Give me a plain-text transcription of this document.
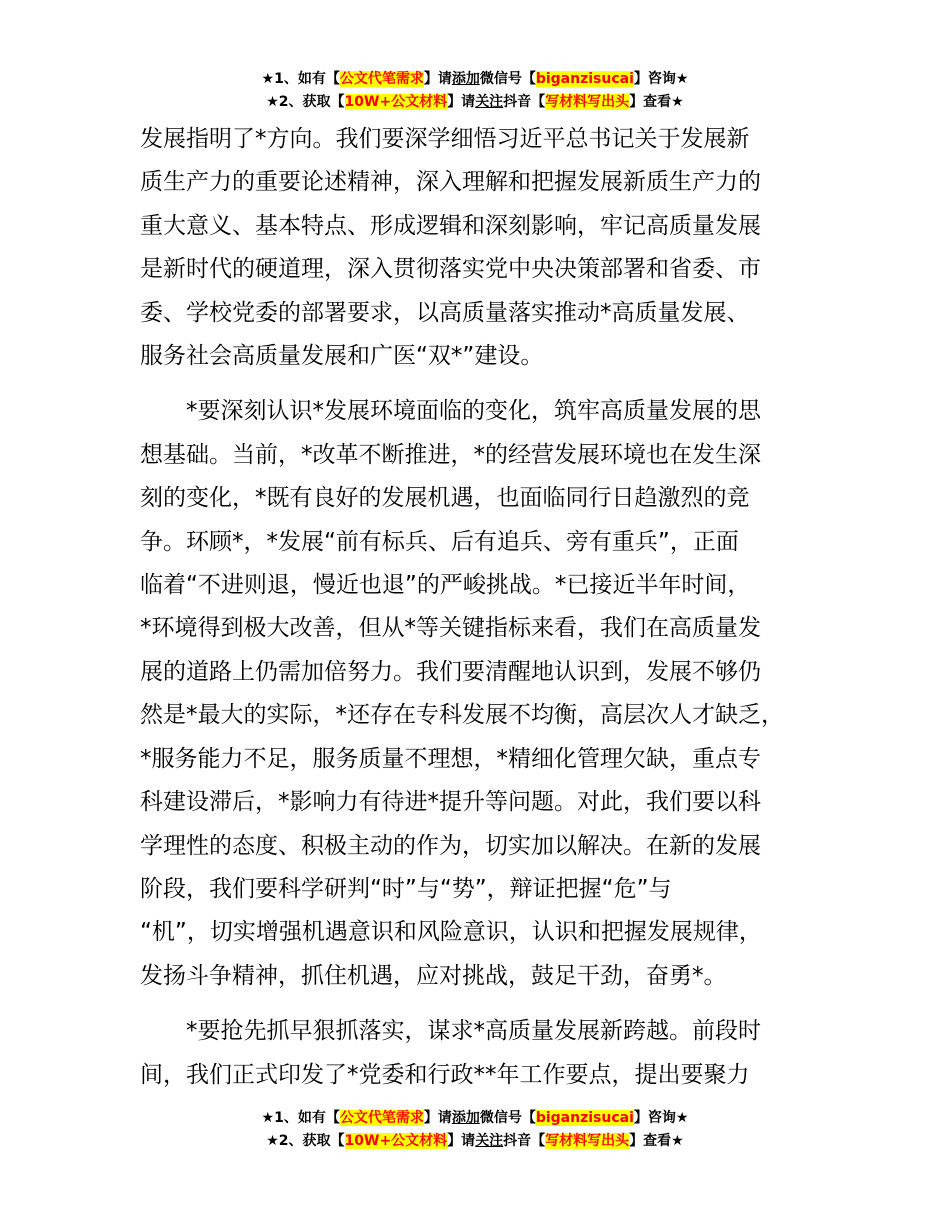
★1、如有【公文代笔需求】请添加微信号【biganzisucai】咨询★
★2、获取【10W+公文材料】请关注抖音【写材料写出头】查看★

发展指明了*方向。我们要深学细悟习近平总书记关于发展新
质生产力的重要论述精神，深入理解和把握发展新质生产力的
重大意义、基本特点、形成逻辑和深刻影响，牢记高质量发展
是新时代的硬道理，深入贯彻落实党中央决策部署和省委、市
委、学校党委的部署要求，以高质量落实推动*高质量发展、
服务社会高质量发展和广医“双*”建设。

*要深刻认识*发展环境面临的变化，筑牢高质量发展的思
想基础。当前，*改革不断推进，*的经营发展环境也在发生深
刻的变化，*既有良好的发展机遇，也面临同行日趋激烈的竞
争。环顾*，*发展“前有标兵、后有追兵、旁有重兵”，正面
临着“不进则退，慢近也退”的严峻挑战。*已接近半年时间，
*环境得到极大改善，但从*等关键指标来看，我们在高质量发
展的道路上仍需加倍努力。我们要清醒地认识到，发展不够仍
然是*最大的实际，*还存在专科发展不均衡，高层次人才缺乏，
*服务能力不足，服务质量不理想，*精细化管理欠缺，重点专
科建设滞后，*影响力有待进*提升等问题。对此，我们要以科
学理性的态度、积极主动的作为，切实加以解决。在新的发展
阶段，我们要科学研判“时”与“势”，辩证把握“危”与
“机”，切实增强机遇意识和风险意识，认识和把握发展规律，
发扬斗争精神，抓住机遇，应对挑战，鼓足干劲，奋勇*。

*要抢先抓早狠抓落实，谋求*高质量发展新跨越。前段时
间，我们正式印发了*党委和行政**年工作要点，提出要聚力

★1、如有【公文代笔需求】请添加微信号【biganzisucai】咨询★
★2、获取【10W+公文材料】请关注抖音【写材料写出头】查看★
